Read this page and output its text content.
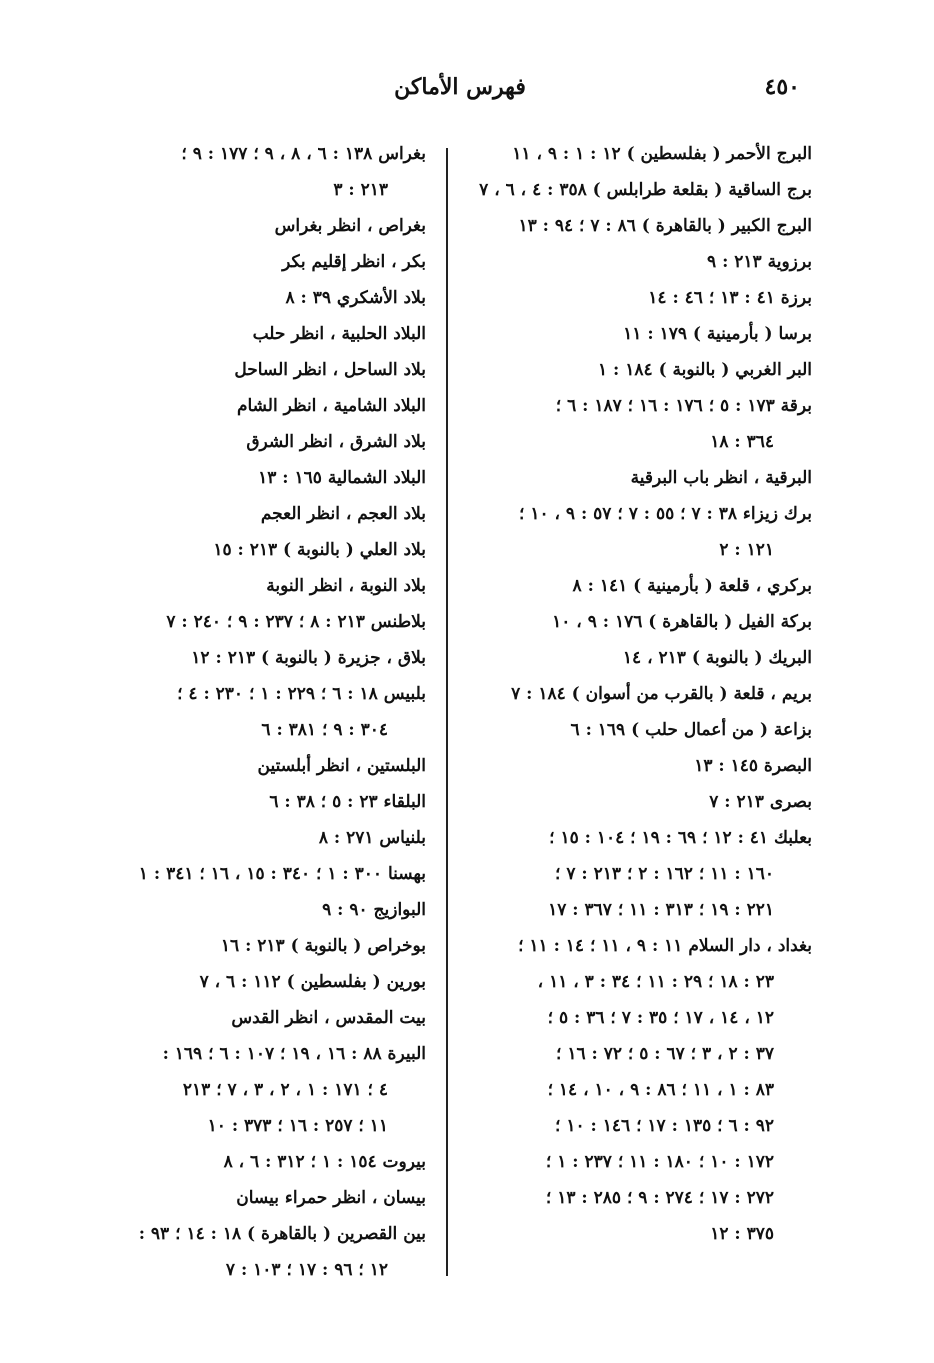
٤٥٠
فهرس الأماكن
البرج الأحمر ( بفلسطين ) ١٢ : ١ : ٩ ، ١١
برج الساقية ( بقلعة طرابلس ) ٣٥٨ : ٤ ، ٦ ، ٧
البرج الكبير ( بالقاهرة ) ٨٦ : ٧ ؛ ٩٤ : ١٣
برزوية ٢١٣ : ٩
برزة ٤١ : ١٣ ؛ ٤٦ : ١٤
برسا ( بأرمينية ) ١٧٩ : ١١
البر الغربي ( بالنوبة ) ١٨٤ : ١
برقة ١٧٣ : ٥ ؛ ١٧٦ : ١٦ ؛ ١٨٧ : ٦ ؛
٣٦٤ : ١٨
البرقية ، انظر باب البرقية
برك زيزاء ٣٨ : ٧ ؛ ٥٥ : ٧ ؛ ٥٧ : ٩ ، ١٠ ؛
١٢١ : ٢
بركري ، قلعة ( بأرمينية ) ١٤١ : ٨
بركة الفيل ( بالقاهرة ) ١٧٦ : ٩ ، ١٠
البريك ( بالنوبة ) ٢١٣ ، ١٤
بريم ، قلعة ( بالقرب من أسوان ) ١٨٤ : ٧
بزاعة ( من أعمال حلب ) ١٦٩ : ٦
البصرة ١٤٥ : ١٣
بصرى ٢١٣ : ٧
بعلبك ٤١ : ١٢ ؛ ٦٩ : ١٩ ؛ ١٠٤ : ١٥ ؛
١٦٠ : ١١ ؛ ١٦٢ : ٢ ؛ ٢١٣ : ٧ ؛
٢٢١ : ١٩ ؛ ٣١٣ : ١١ ؛ ٣٦٧ : ١٧
بغداد ، دار السلام ١١ : ٩ ، ١١ ؛ ١٤ : ١١ ؛
٢٣ : ١٨ ؛ ٢٩ : ١١ ؛ ٣٤ : ٣ ، ١١ ،
١٢ ، ١٤ ، ١٧ ؛ ٣٥ : ٧ ؛ ٣٦ : ٥ ؛
٣٧ : ٢ ، ٣ ؛ ٦٧ : ٥ ؛ ٧٢ : ١٦ ؛
٨٣ : ١ ، ١١ ؛ ٨٦ : ٩ ، ١٠ ، ١٤ ؛
٩٢ : ٦ ؛ ١٣٥ : ١٧ ؛ ١٤٦ : ١٠ ؛
١٧٢ : ١٠ ؛ ١٨٠ : ١١ ؛ ٢٣٧ : ١ ؛
٢٧٢ : ١٧ ؛ ٢٧٤ : ٩ ؛ ٢٨٥ : ١٣ ؛
٣٧٥ : ١٢
بغراس ١٣٨ : ٦ ، ٨ ، ٩ ؛ ١٧٧ : ٩ ؛
٢١٣ : ٣
بغراص ، انظر بغراس
بكر ، انظر إقليم بكر
بلاد الأشكري ٣٩ : ٨
البلاد الحلبية ، انظر حلب
بلاد الساحل ، انظر الساحل
البلاد الشامية ، انظر الشام
بلاد الشرق ، انظر الشرق
البلاد الشمالية ١٦٥ : ١٣
بلاد العجم ، انظر العجم
بلاد العلي ( بالنوبة ) ٢١٣ : ١٥
بلاد النوبة ، انظر النوبة
بلاطنس ٢١٣ : ٨ ؛ ٢٣٧ : ٩ ؛ ٢٤٠ : ٧
بلاق ، جزيرة ( بالنوبة ) ٢١٣ : ١٢
بلبيس ١٨ : ٦ ؛ ٢٢٩ : ١ ؛ ٢٣٠ : ٤ ؛
٣٠٤ : ٩ ؛ ٣٨١ : ٦
البلستين ، انظر أبلستين
البلقاء ٢٣ : ٥ ؛ ٣٨ : ٦
بلنياس ٢٧١ : ٨
بهسنا ٣٠٠ : ١ ؛ ٣٤٠ : ١٥ ، ١٦ ؛ ٣٤١ : ١
البوازيج ٩٠ : ٩
بوخراص ( بالنوبة ) ٢١٣ : ١٦
بورين ( بفلسطين ) ١١٢ : ٦ ، ٧
بيت المقدس ، انظر القدس
البيرة ٨٨ : ١٦ ، ١٩ ؛ ١٠٧ : ٦ ؛ ١٦٩ :
٤ ؛ ١٧١ : ١ ، ٢ ، ٣ ، ٧ ؛ ٢١٣
١١ ؛ ٢٥٧ : ١٦ ؛ ٣٧٣ : ١٠
بيروت ١٥٤ : ١ ؛ ٣١٢ : ٦ ، ٨
بيسان ، انظر حمراء بيسان
بين القصرين ( بالقاهرة ) ١٨ : ١٤ ؛ ٩٣ :
١٢ ؛ ٩٦ : ١٧ ؛ ١٠٣ : ٧
